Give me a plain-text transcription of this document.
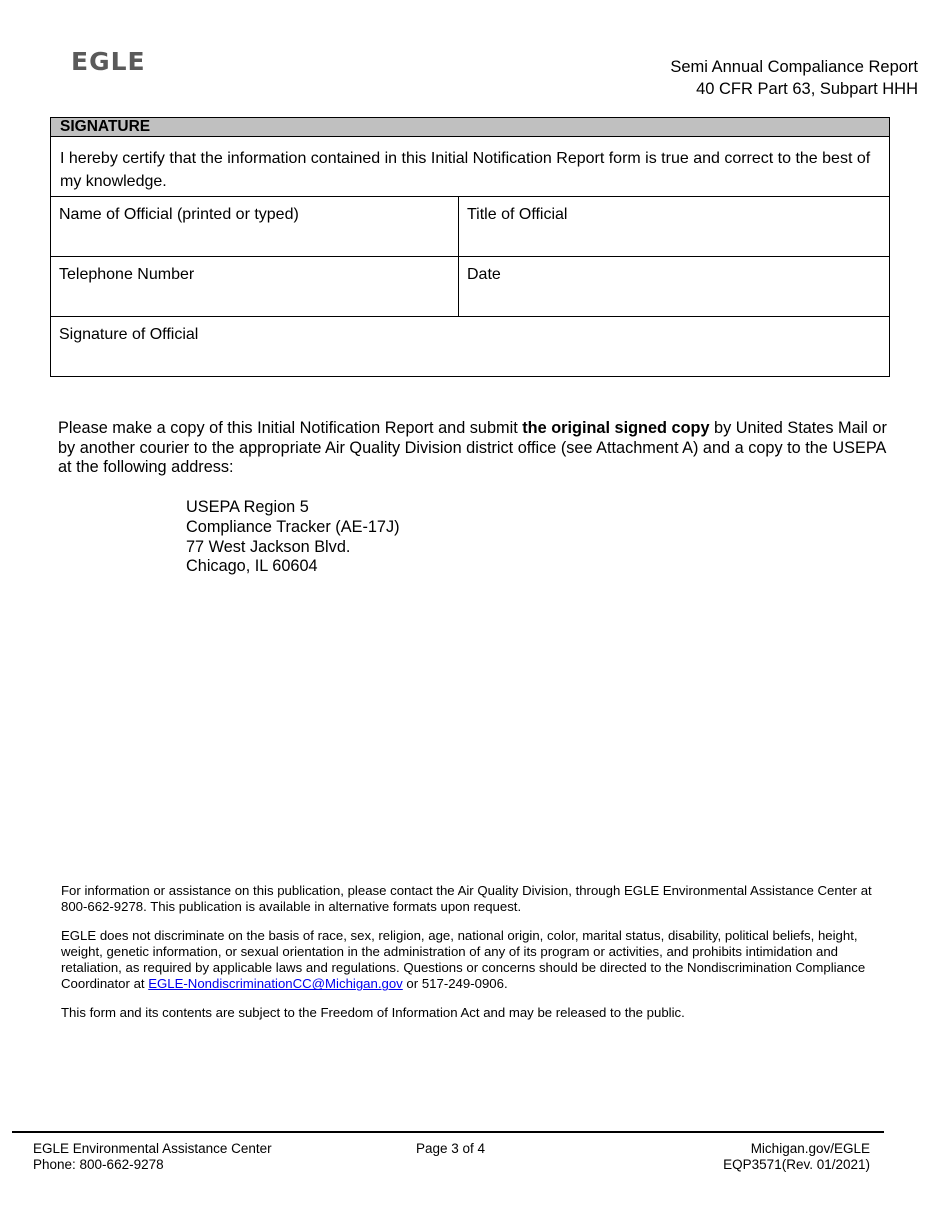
EGLE	Semi Annual Compaliance Report
40 CFR Part 63, Subpart HHH
SIGNATURE
I hereby certify that the information contained in this Initial Notification Report form is true and correct to the best of my knowledge.
Name of Official (printed or typed)	Title of Official
Telephone Number	Date
Signature of Official
Please make a copy of this Initial Notification Report and submit the original signed copy by United States Mail or by another courier to the appropriate Air Quality Division district office (see Attachment A) and a copy to the USEPA at the following address:
USEPA Region 5
Compliance Tracker (AE-17J)
77 West Jackson Blvd.
Chicago, IL 60604

For information or assistance on this publication, please contact the Air Quality Division, through EGLE Environmental Assistance Center at 800-662-9278. This publication is available in alternative formats upon request.

EGLE does not discriminate on the basis of race, sex, religion, age, national origin, color, marital status, disability, political beliefs, height, weight, genetic information, or sexual orientation in the administration of any of its program or activities, and prohibits intimidation and retaliation, as required by applicable laws and regulations. Questions or concerns should be directed to the Nondiscrimination Compliance Coordinator at EGLE-NondiscriminationCC@Michigan.gov or 517-249-0906.

This form and its contents are subject to the Freedom of Information Act and may be released to the public.

EGLE Environmental Assistance Center
Phone: 800-662-9278
Page 3 of 4	Michigan.gov/EGLE
EQP3571(Rev. 01/2021)
